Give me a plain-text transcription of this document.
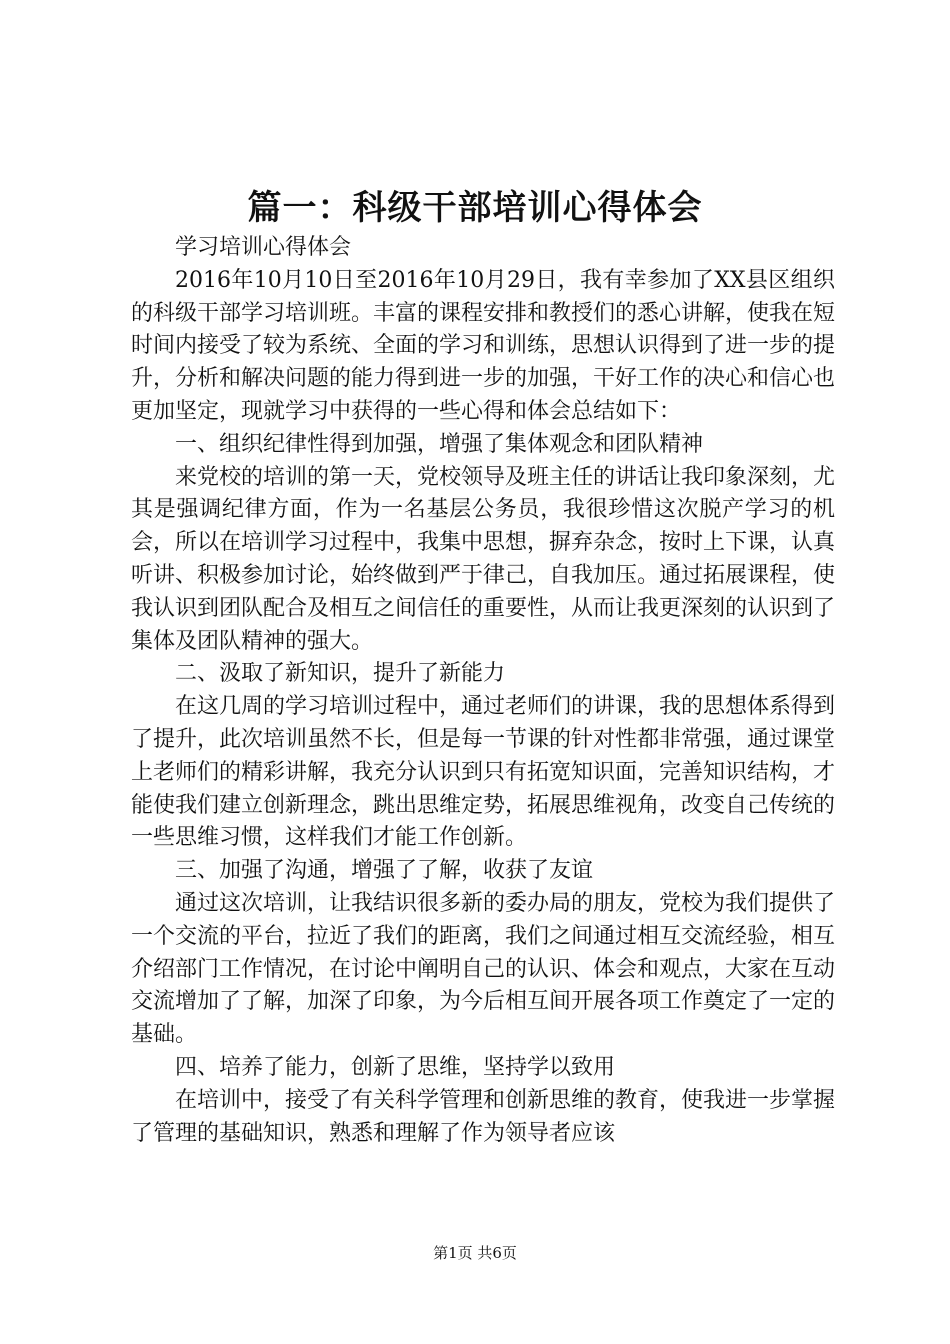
篇一：科级干部培训心得体会

学习培训心得体会

2016年10月10日至2016年10月29日，我有幸参加了XX县区组织的科级干部学习培训班。丰富的课程安排和教授们的悉心讲解，使我在短时间内接受了较为系统、全面的学习和训练，思想认识得到了进一步的提升，分析和解决问题的能力得到进一步的加强，干好工作的决心和信心也更加坚定，现就学习中获得的一些心得和体会总结如下：

一、组织纪律性得到加强，增强了集体观念和团队精神

来党校的培训的第一天，党校领导及班主任的讲话让我印象深刻，尤其是强调纪律方面，作为一名基层公务员，我很珍惜这次脱产学习的机会，所以在培训学习过程中，我集中思想，摒弃杂念，按时上下课，认真听讲、积极参加讨论，始终做到严于律己，自我加压。通过拓展课程，使我认识到团队配合及相互之间信任的重要性，从而让我更深刻的认识到了集体及团队精神的强大。

二、汲取了新知识，提升了新能力

在这几周的学习培训过程中，通过老师们的讲课，我的思想体系得到了提升，此次培训虽然不长，但是每一节课的针对性都非常强，通过课堂上老师们的精彩讲解，我充分认识到只有拓宽知识面，完善知识结构，才能使我们建立创新理念，跳出思维定势，拓展思维视角，改变自己传统的一些思维习惯，这样我们才能工作创新。

三、加强了沟通，增强了了解，收获了友谊

通过这次培训，让我结识很多新的委办局的朋友，党校为我们提供了一个交流的平台，拉近了我们的距离，我们之间通过相互交流经验，相互介绍部门工作情况，在讨论中阐明自己的认识、体会和观点，大家在互动交流增加了了解，加深了印象，为今后相互间开展各项工作奠定了一定的基础。

四、培养了能力，创新了思维，坚持学以致用

在培训中，接受了有关科学管理和创新思维的教育，使我进一步掌握了管理的基础知识，熟悉和理解了作为领导者应该

第1页 共6页
